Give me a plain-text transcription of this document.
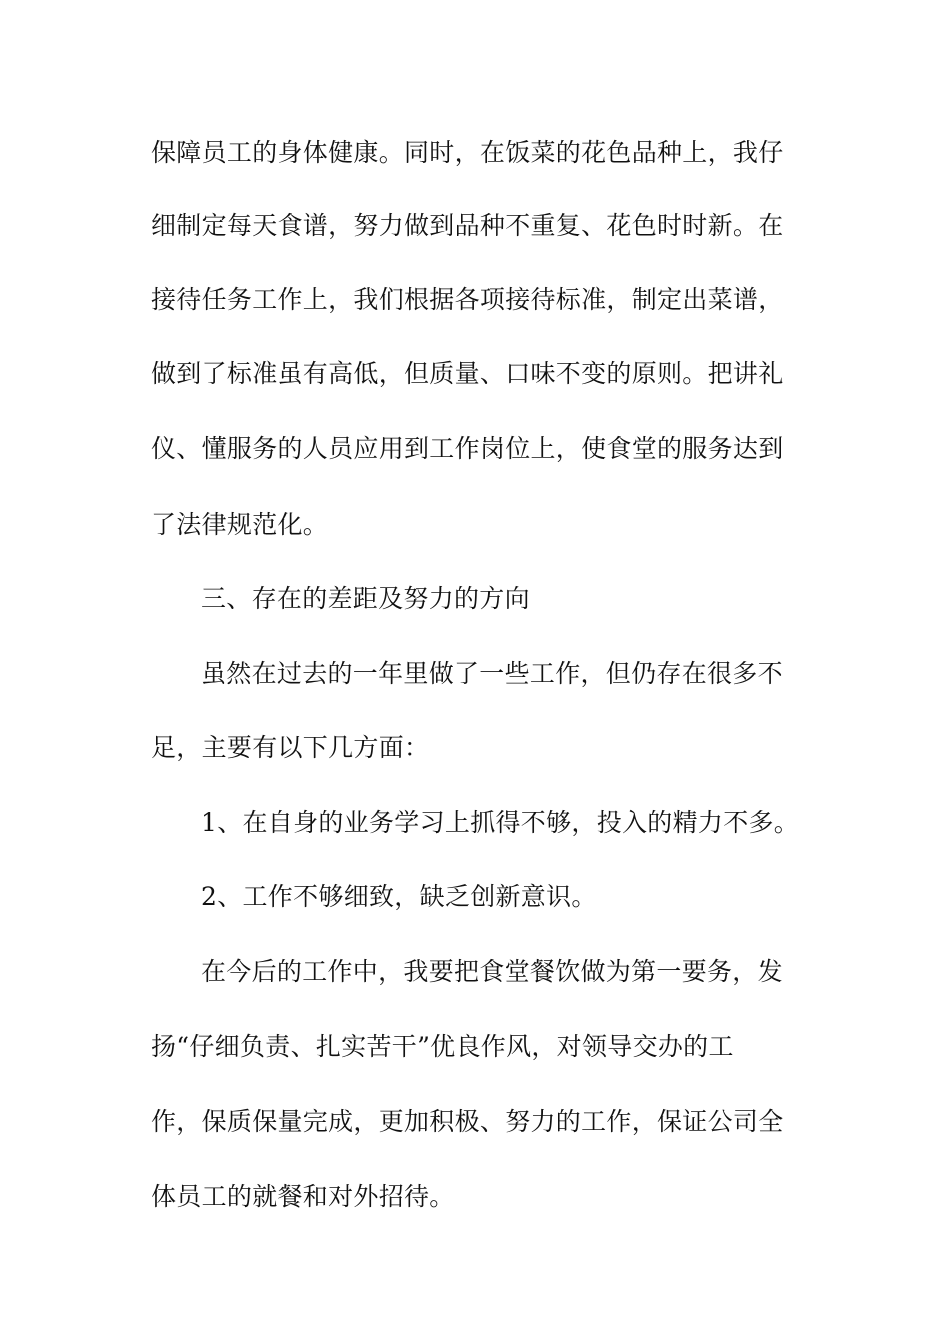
保障员工的身体健康。同时，在饭菜的花色品种上，我仔
细制定每天食谱，努力做到品种不重复、花色时时新。在
接待任务工作上，我们根据各项接待标准，制定出菜谱，
做到了标准虽有高低，但质量、口味不变的原则。把讲礼
仪、懂服务的人员应用到工作岗位上，使食堂的服务达到
了法律规范化。
三、存在的差距及努力的方向
虽然在过去的一年里做了一些工作，但仍存在很多不
足，主要有以下几方面：
1、在自身的业务学习上抓得不够，投入的精力不多。
2、工作不够细致，缺乏创新意识。
在今后的工作中，我要把食堂餐饮做为第一要务，发
扬“仔细负责、扎实苦干”优良作风，对领导交办的工
作，保质保量完成，更加积极、努力的工作，保证公司全
体员工的就餐和对外招待。
